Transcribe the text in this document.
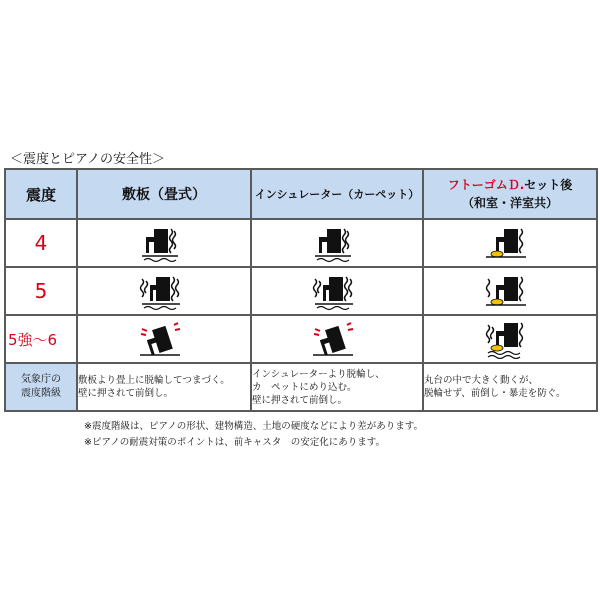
＜震度とピアノの安全性＞
震度	敷板（畳式）	インシュレーター（カーペット）	フトーゴムＤ.セット後
（和室・洋室共）
4	

5	

5強～6	

気象庁の
震度階級	敷板より畳上に脱輪してつまづく。
壁に押されて前倒し。	インシュレーターより脱輪し、
カ　ペットにめり込む。
壁に押されて前倒し。	丸台の中で大きく動くが、
脱輪せず、前倒し・暴走を防ぐ。
※震度階級は、ピアノの形状、建物構造、土地の硬度などにより差があります。
※ピアノの耐震対策のポイントは、前キャスタ　の安定化にあります。
